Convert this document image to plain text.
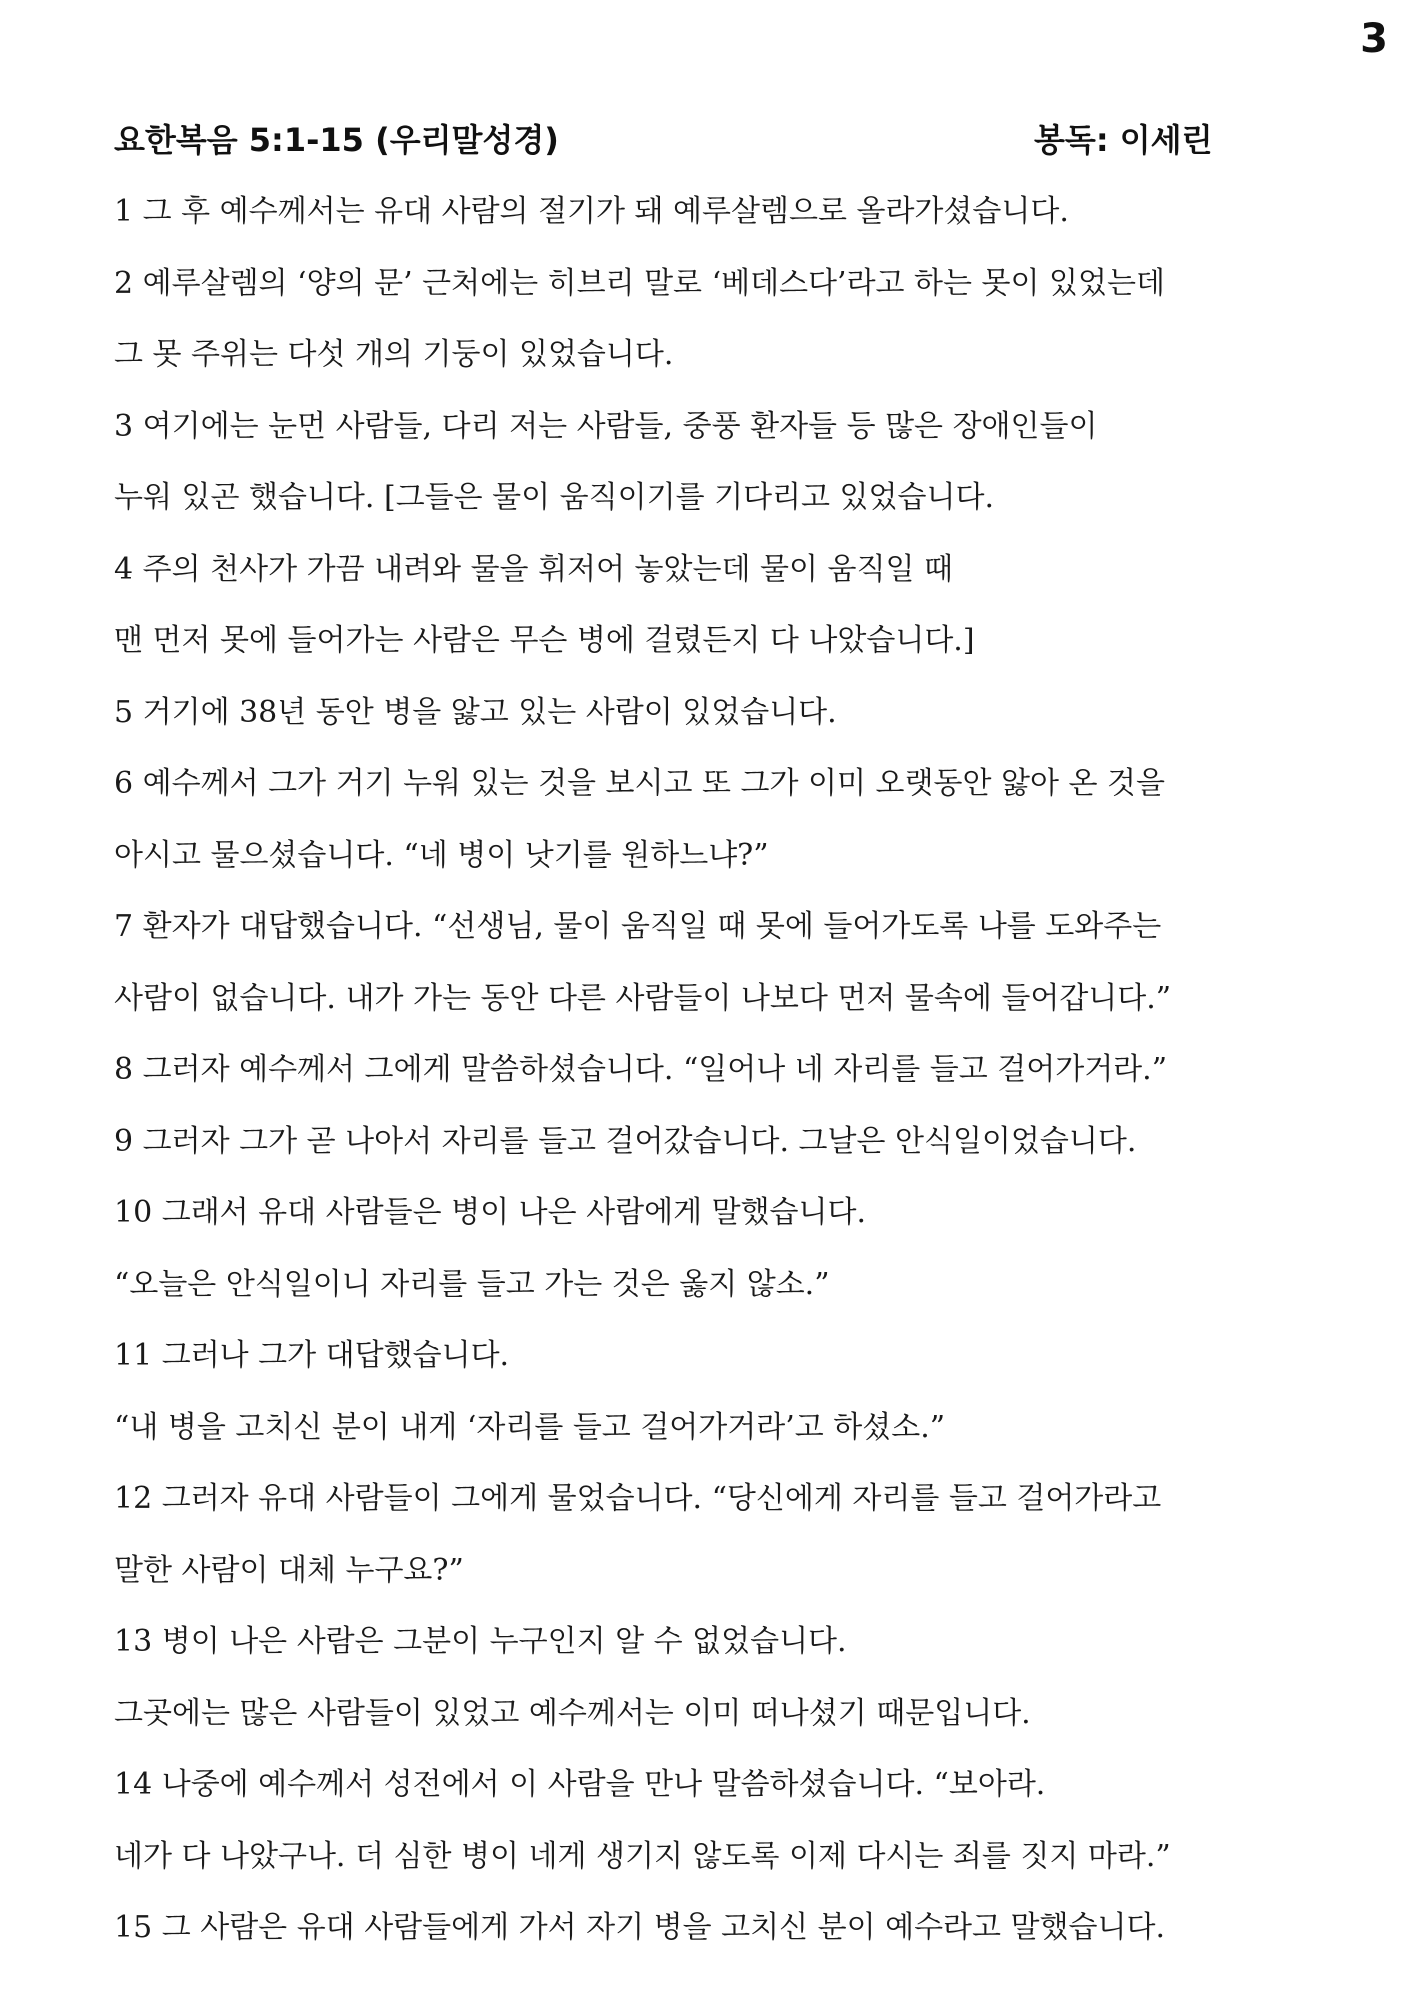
3
요한복음 5:1-15 (우리말성경)	봉독: 이세린
1 그 후 예수께서는 유대 사람의 절기가 돼 예루살렘으로 올라가셨습니다.
2 예루살렘의 ‘양의 문’ 근처에는 히브리 말로 ‘베데스다’라고 하는 못이 있었는데
그 못 주위는 다섯 개의 기둥이 있었습니다.
3 여기에는 눈먼 사람들, 다리 저는 사람들, 중풍 환자들 등 많은 장애인들이
누워 있곤 했습니다. [그들은 물이 움직이기를 기다리고 있었습니다.
4 주의 천사가 가끔 내려와 물을 휘저어 놓았는데 물이 움직일 때
맨 먼저 못에 들어가는 사람은 무슨 병에 걸렸든지 다 나았습니다.]
5 거기에 38년 동안 병을 앓고 있는 사람이 있었습니다.
6 예수께서 그가 거기 누워 있는 것을 보시고 또 그가 이미 오랫동안 앓아 온 것을
아시고 물으셨습니다. “네 병이 낫기를 원하느냐?”
7 환자가 대답했습니다. “선생님, 물이 움직일 때 못에 들어가도록 나를 도와주는
사람이 없습니다. 내가 가는 동안 다른 사람들이 나보다 먼저 물속에 들어갑니다.”
8 그러자 예수께서 그에게 말씀하셨습니다. “일어나 네 자리를 들고 걸어가거라.”
9 그러자 그가 곧 나아서 자리를 들고 걸어갔습니다. 그날은 안식일이었습니다.
10 그래서 유대 사람들은 병이 나은 사람에게 말했습니다.
“오늘은 안식일이니 자리를 들고 가는 것은 옳지 않소.”
11 그러나 그가 대답했습니다.
“내 병을 고치신 분이 내게 ‘자리를 들고 걸어가거라’고 하셨소.”
12 그러자 유대 사람들이 그에게 물었습니다. “당신에게 자리를 들고 걸어가라고
말한 사람이 대체 누구요?”
13 병이 나은 사람은 그분이 누구인지 알 수 없었습니다.
그곳에는 많은 사람들이 있었고 예수께서는 이미 떠나셨기 때문입니다.
14 나중에 예수께서 성전에서 이 사람을 만나 말씀하셨습니다. “보아라.
네가 다 나았구나. 더 심한 병이 네게 생기지 않도록 이제 다시는 죄를 짓지 마라.”
15 그 사람은 유대 사람들에게 가서 자기 병을 고치신 분이 예수라고 말했습니다.
